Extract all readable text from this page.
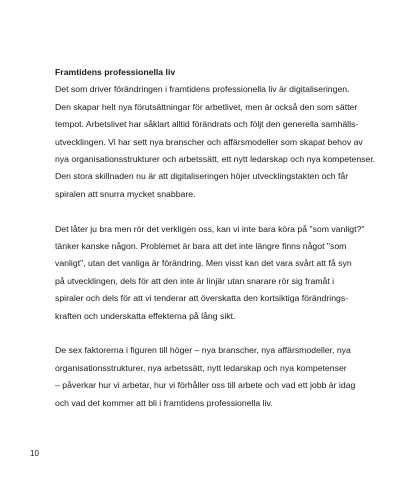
Framtidens professionella liv

Det som driver förändringen i framtidens professionella liv är digitaliseringen.
Den skapar helt nya förutsättningar för arbetlivet, men är också den som sätter
tempot. Arbetslivet har såklart alltid förändrats och följt den generella samhälls-
utvecklingen. Vi har sett nya branscher och affärsmodeller som skapat behov av
nya organisationsstrukturer och arbetssätt, ett nytt ledarskap och nya kompetenser.
Den stora skillnaden nu är att digitaliseringen höjer utvecklingstakten och får
spiralen att snurra mycket snabbare.

Det låter ju bra men rör det verkligen oss, kan vi inte bara köra på "som vanligt?"
tänker kanske någon. Problemet är bara att det inte längre finns något "som
vanligt", utan det vanliga är förändring. Men visst kan det vara svårt att få syn
på utvecklingen, dels för att den inte är linjär utan snarare rör sig framåt i
spiraler och dels för att vi tenderar att överskatta den kortsiktiga förändrings-
kraften och underskatta effekterna på lång sikt.

De sex faktorerna i figuren till höger – nya branscher, nya affärsmodeller, nya
organisationsstrukturer, nya arbetssätt, nytt ledarskap och nya kompetenser
– påverkar hur vi arbetar, hur vi förhåller oss till arbete och vad ett jobb är idag
och vad det kommer att bli i framtidens professionella liv.

10
